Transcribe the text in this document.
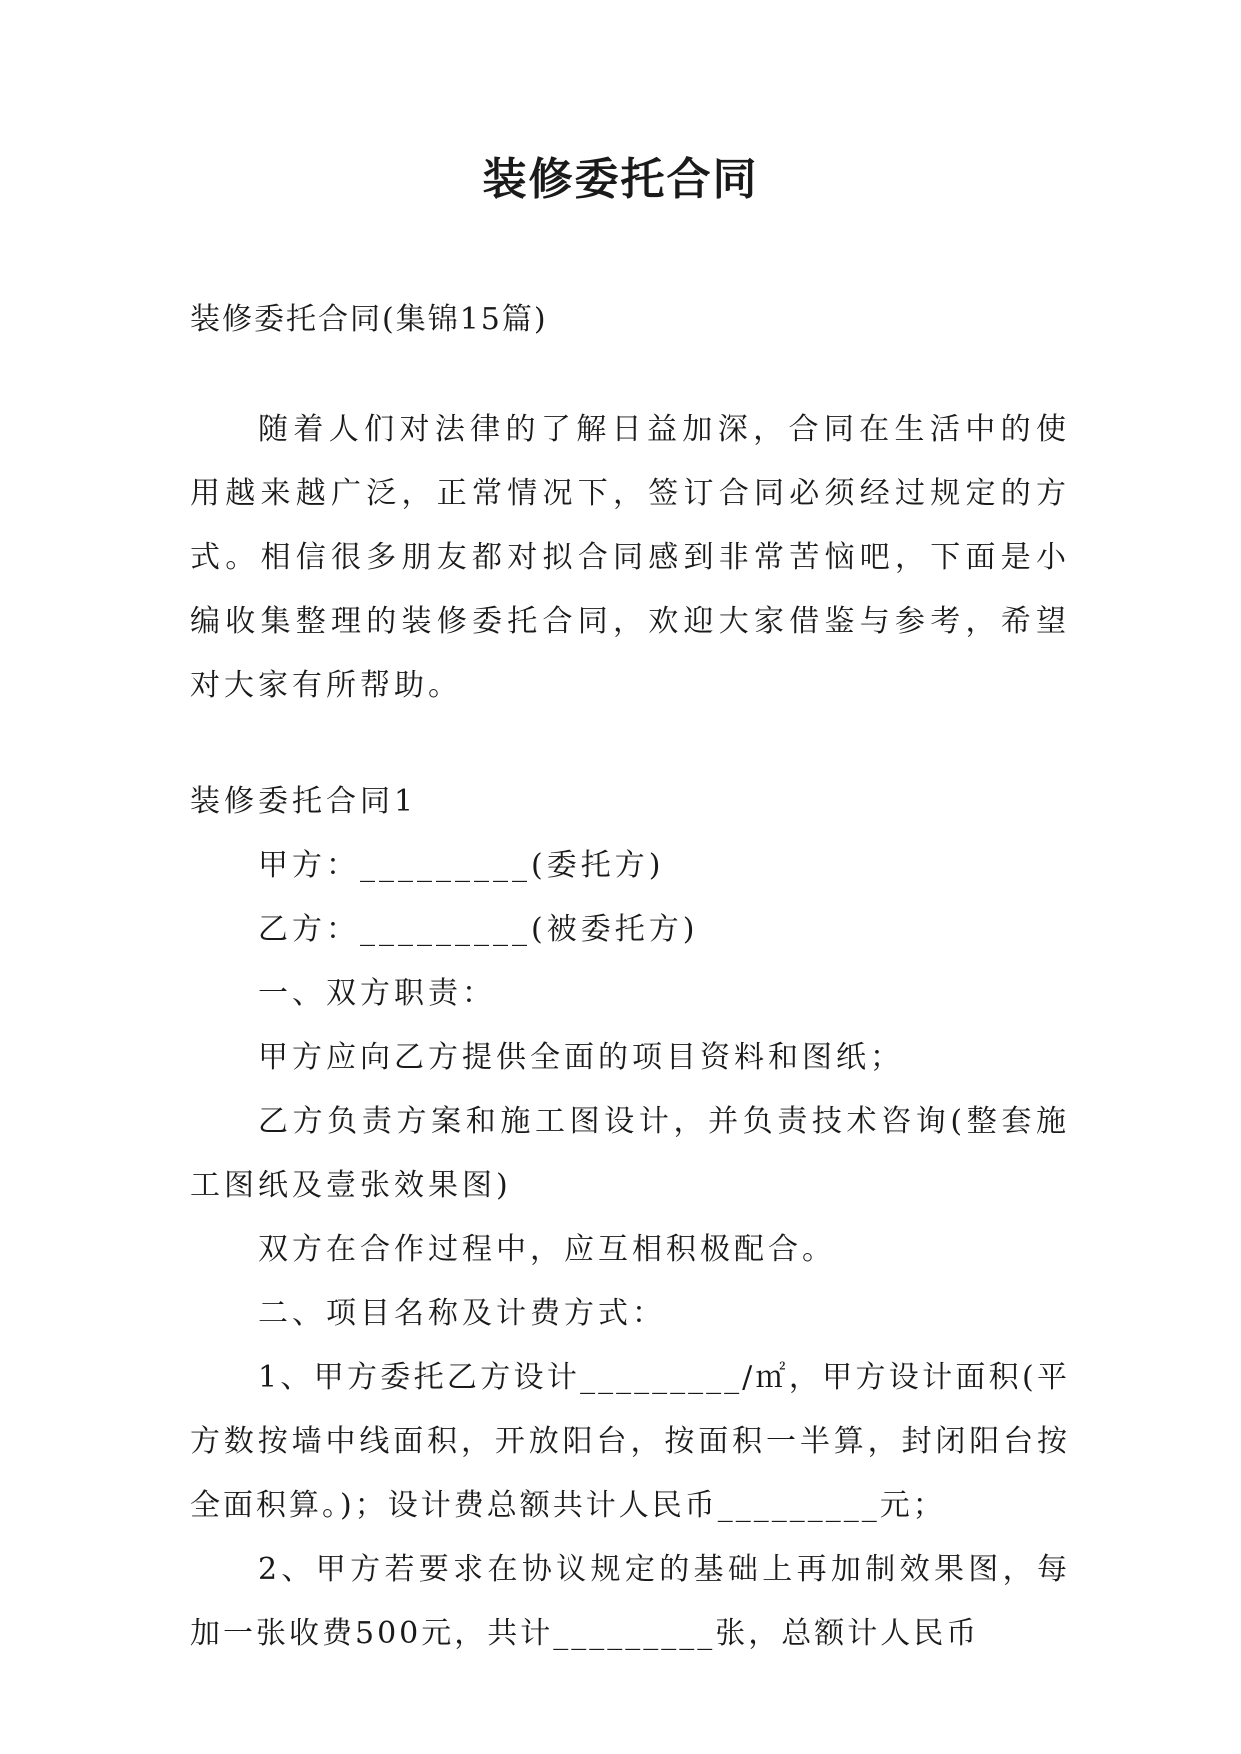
装修委托合同
装修委托合同(集锦15篇)

随着人们对法律的了解日益加深，合同在生活中的使用越来越广泛，正常情况下，签订合同必须经过规定的方式。相信很多朋友都对拟合同感到非常苦恼吧，下面是小编收集整理的装修委托合同，欢迎大家借鉴与参考，希望对大家有所帮助。

装修委托合同1

甲方：_________(委托方)

乙方：_________(被委托方)

一、双方职责：

甲方应向乙方提供全面的项目资料和图纸；

乙方负责方案和施工图设计，并负责技术咨询(整套施工图纸及壹张效果图)

双方在合作过程中，应互相积极配合。

二、项目名称及计费方式：

1、甲方委托乙方设计_________/㎡，甲方设计面积(平方数按墙中线面积，开放阳台，按面积一半算，封闭阳台按全面积算。)；设计费总额共计人民币_________元；

2、甲方若要求在协议规定的基础上再加制效果图，每加一张收费500元，共计_________张，总额计人民币
